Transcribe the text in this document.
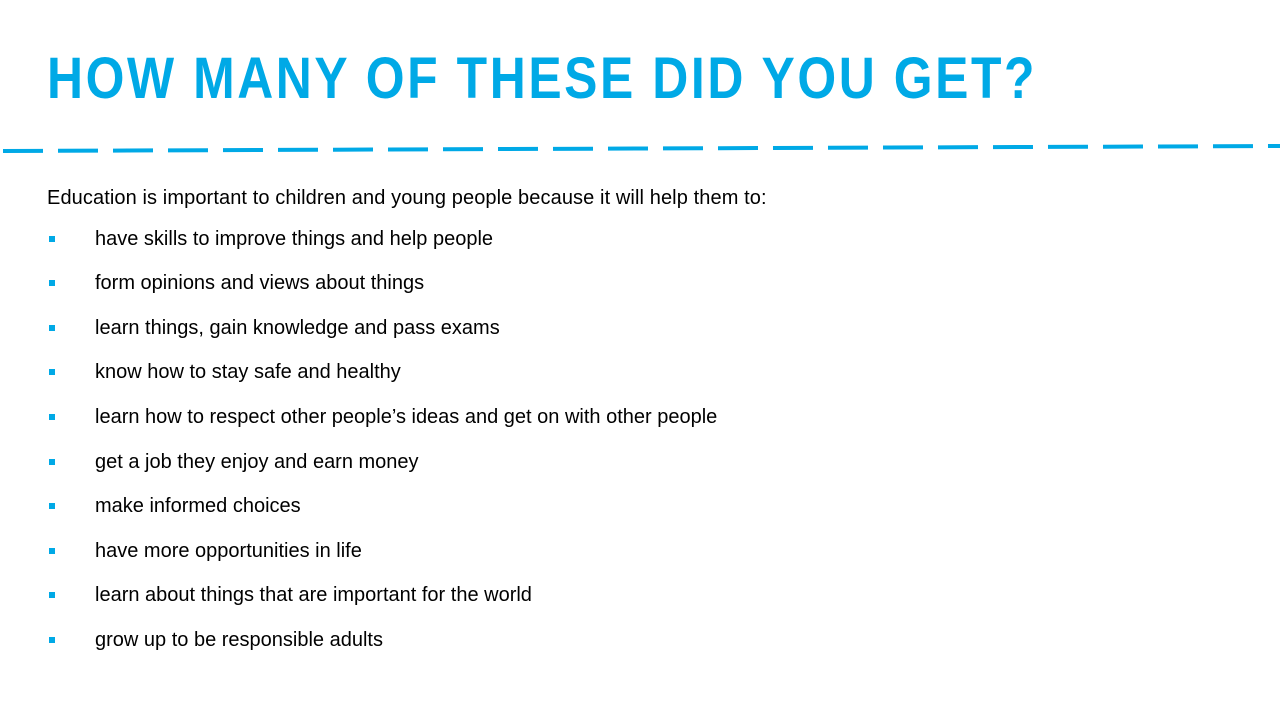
HOW MANY OF THESE DID YOU GET?

Education is important to children and young people because it will help them to:

have skills to improve things and help people
form opinions and views about things
learn things, gain knowledge and pass exams
know how to stay safe and healthy
learn how to respect other people’s ideas and get on with other people
get a job they enjoy and earn money
make informed choices
have more opportunities in life
learn about things that are important for the world
grow up to be responsible adults
